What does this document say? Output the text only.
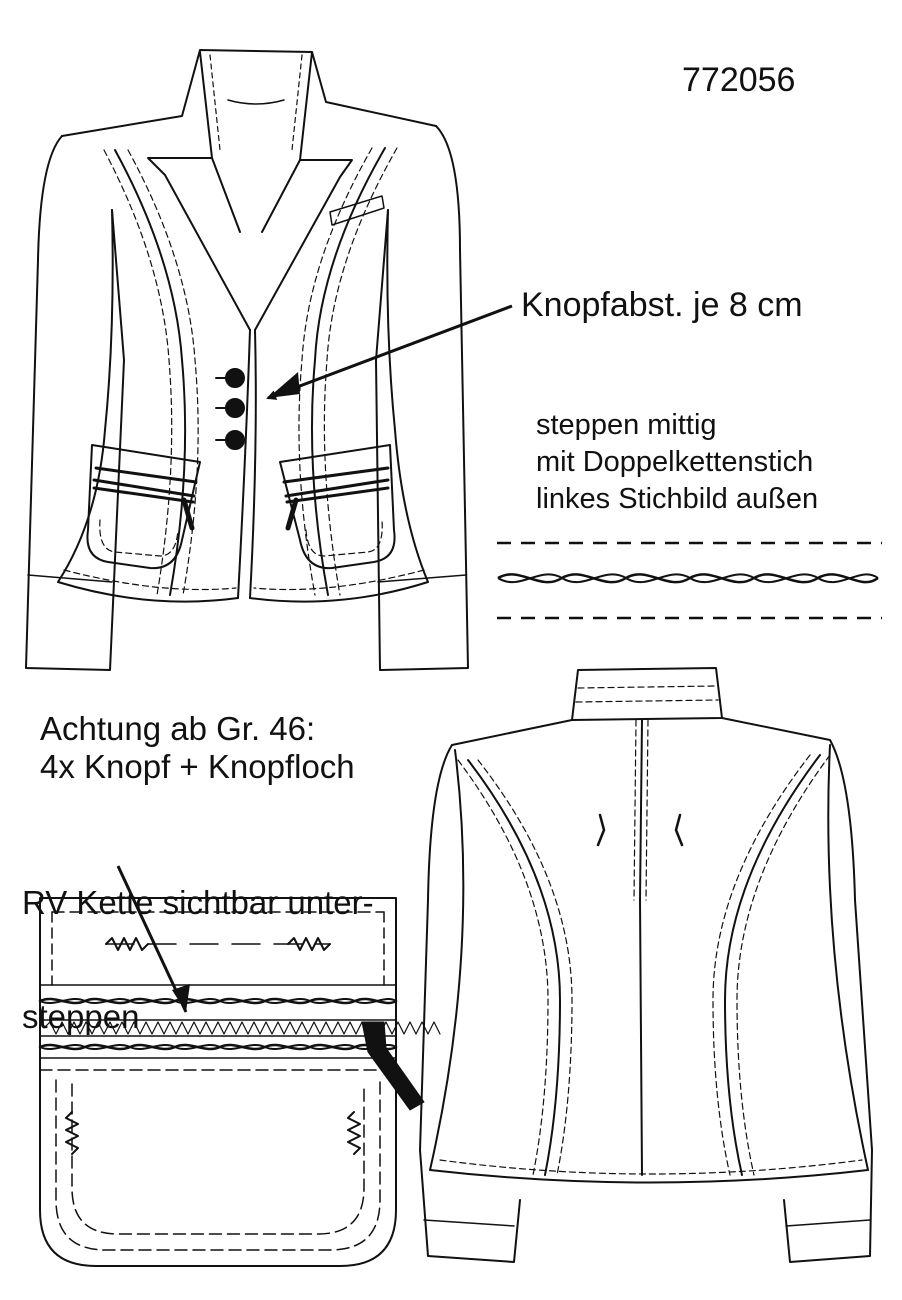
772056
Knopfabst. je 8 cm
steppen mittig
mit Doppelkettenstich
linkes Stichbild außen
Achtung ab Gr. 46:
4x Knopf + Knopfloch

RV Kette sichtbar unter-

steppen
